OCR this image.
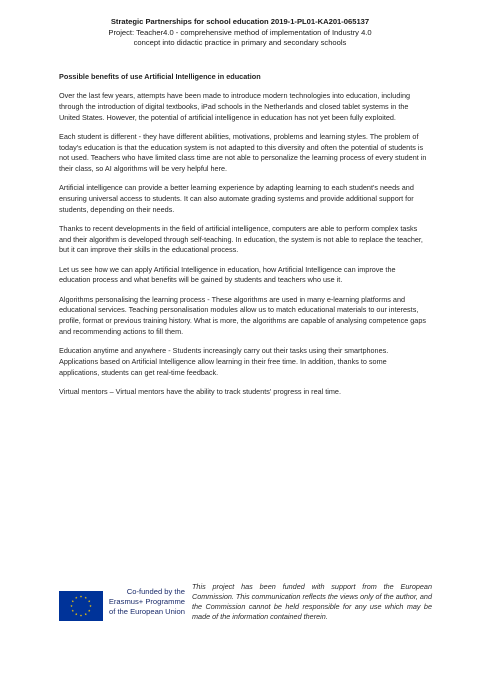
Strategic Partnerships for school education 2019-1-PL01-KA201-065137
Project: Teacher4.0 - comprehensive method of implementation of Industry 4.0
concept into didactic practice in primary and secondary schools
Possible benefits of use Artificial Intelligence in education

Over the last few years, attempts have been made to introduce modern technologies into education, including through the introduction of digital textbooks, iPad schools in the Netherlands and closed tablet systems in the United States. However, the potential of artificial intelligence in education has not yet been fully exploited.

Each student is different - they have different abilities, motivations, problems and learning styles. The problem of today's education is that the education system is not adapted to this diversity and often the potential of students is not used. Teachers who have limited class time are not able to personalize the learning process of every student in their class, so AI algorithms will be very helpful here.

Artificial intelligence can provide a better learning experience by adapting learning to each student's needs and ensuring universal access to students. It can also automate grading systems and provide additional support for students, depending on their needs.

Thanks to recent developments in the field of artificial intelligence, computers are able to perform complex tasks and their algorithm is developed through self-teaching. In education, the system is not able to replace the teacher, but it can improve their skills in the educational process.

Let us see how we can apply Artificial Intelligence in education, how Artificial Intelligence can improve the education process and what benefits will be gained by students and teachers who use it.

Algorithms personalising the learning process - These algorithms are used in many e-learning platforms and educational services. Teaching personalisation modules allow us to match educational materials to our interests, profile, format or previous training history. What is more, the algorithms are capable of analysing competence gaps and recommending actions to fill them.

Education anytime and anywhere - Students increasingly carry out their tasks using their smartphones. Applications based on Artificial Intelligence allow learning in their free time. In addition, thanks to some applications, students can get real-time feedback.

Virtual mentors – Virtual mentors have the ability to track students' progress in real time.

Co-funded by the
Erasmus+ Programme
of the European Union
This project has been funded with support from the European Commission. This communication reflects the views only of the author, and the Commission cannot be held responsible for any use which may be made of the information contained therein.
